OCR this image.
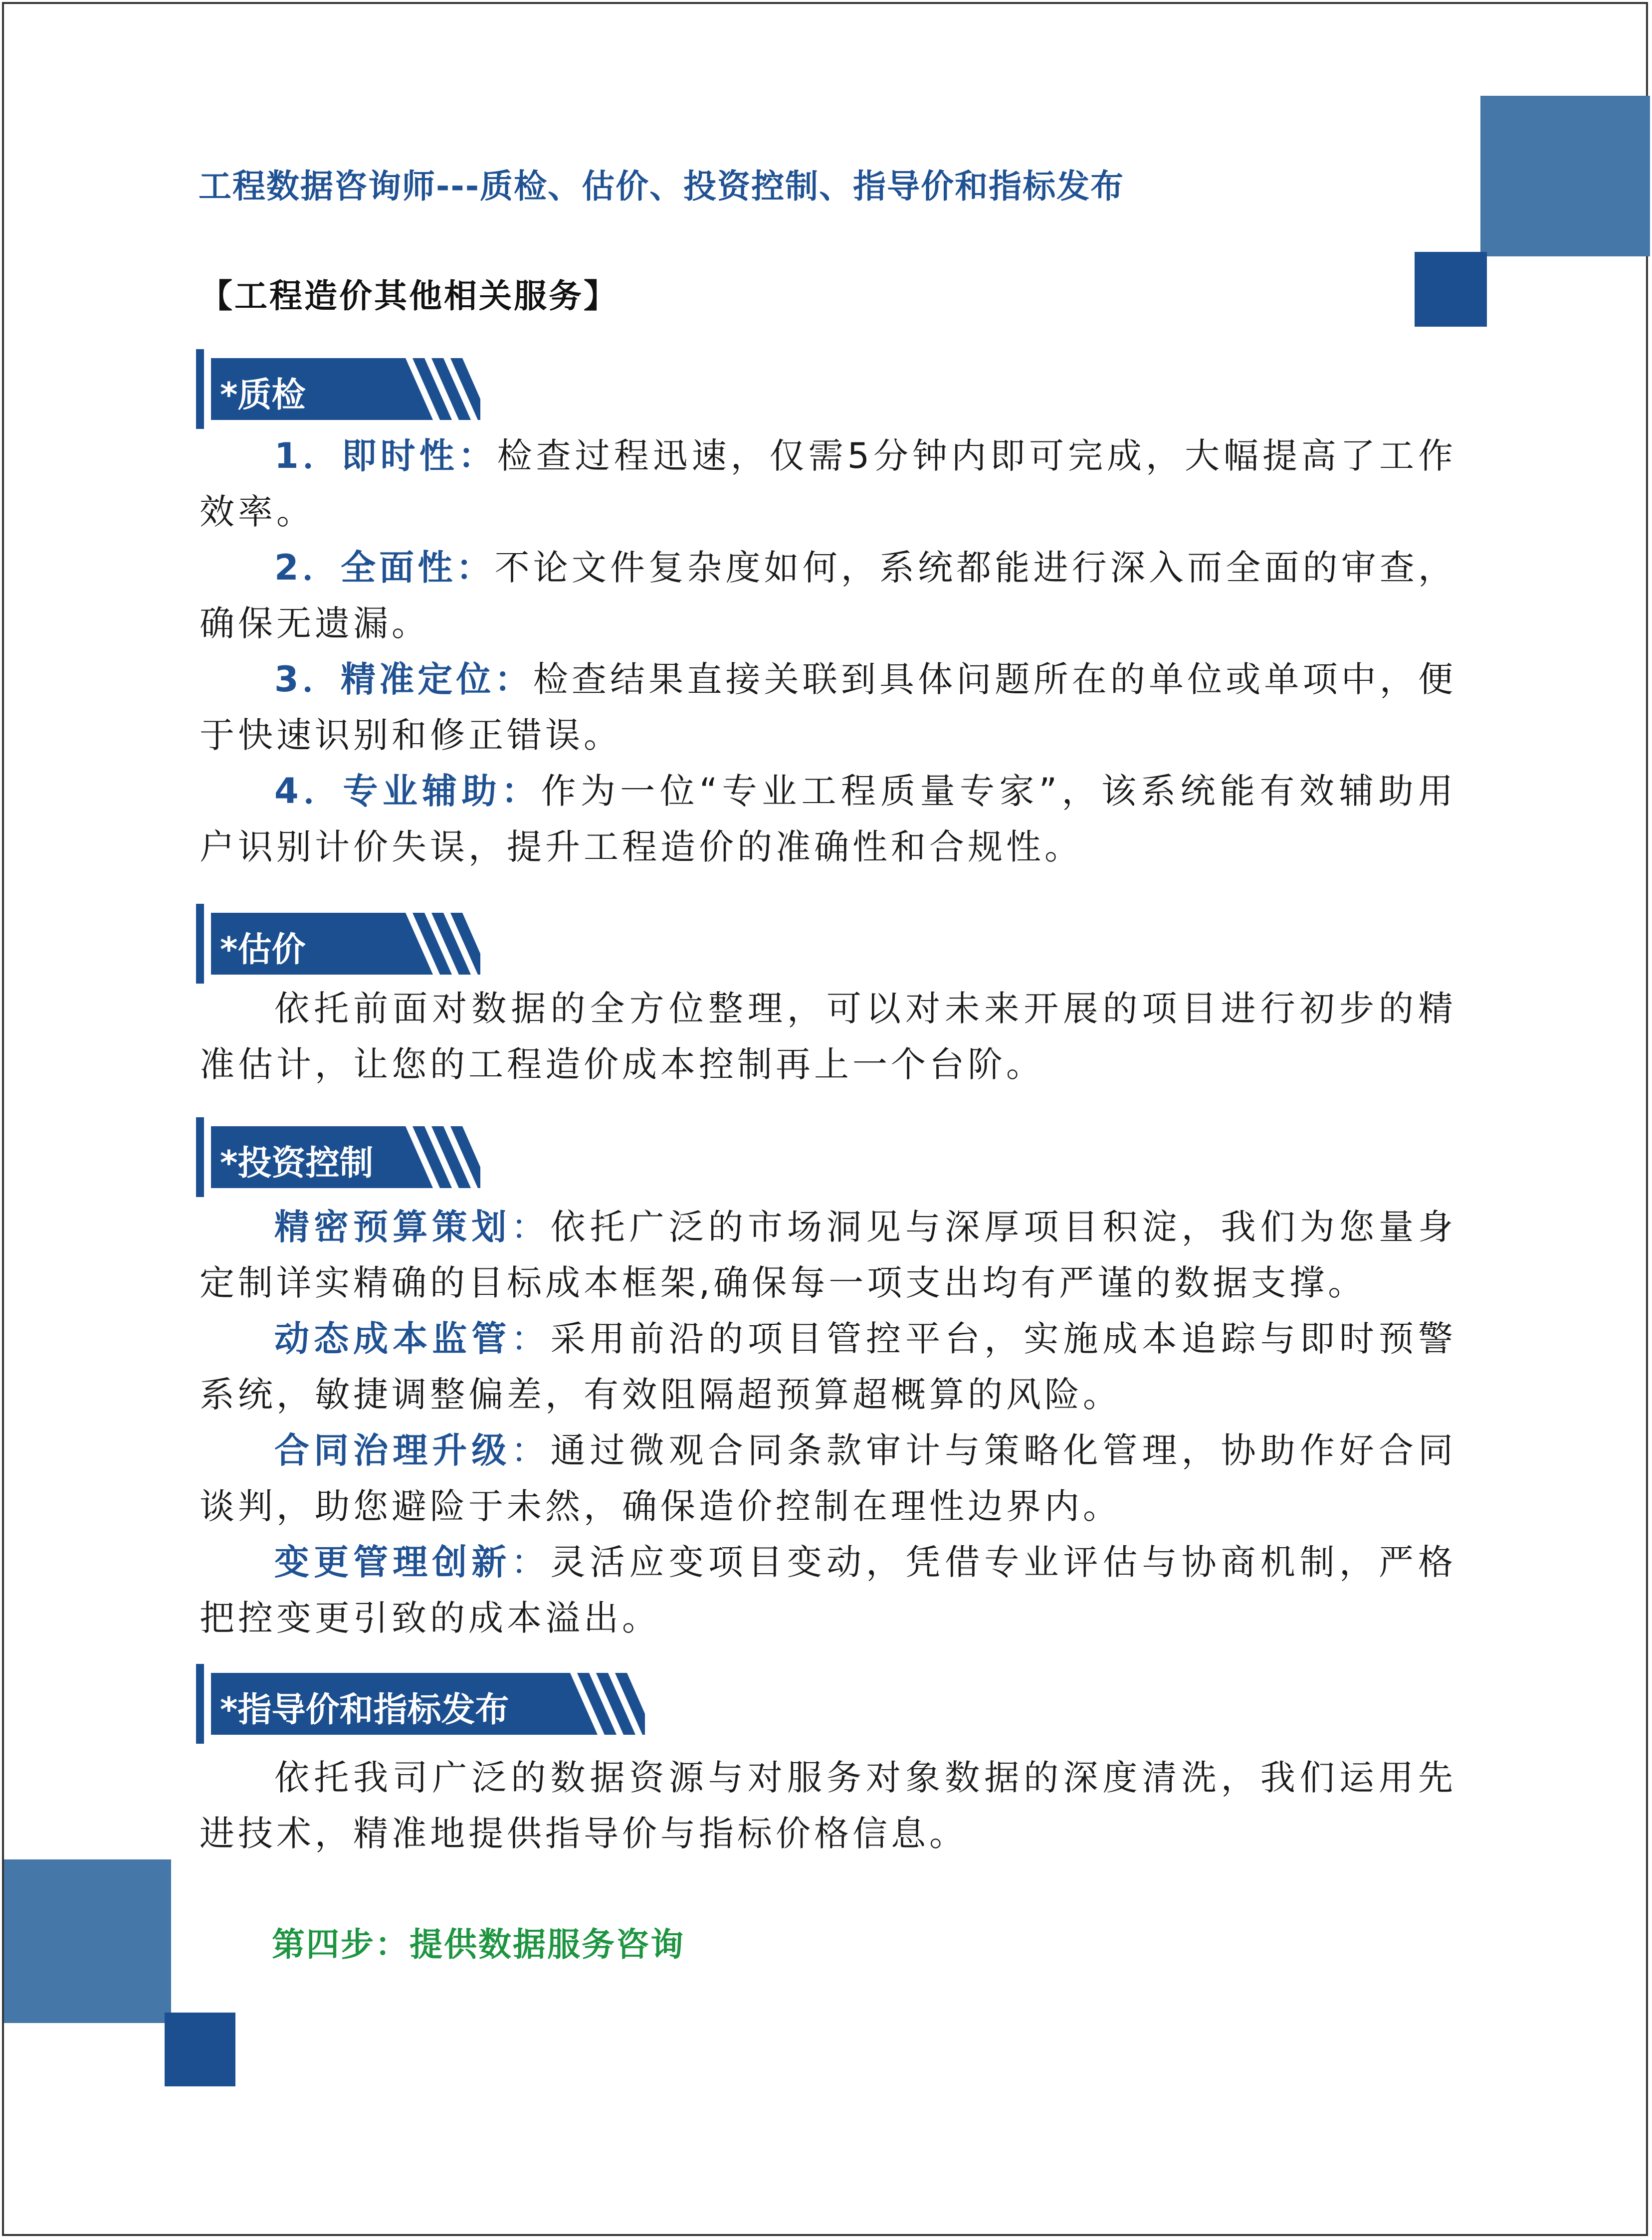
工程数据咨询师---质检、估价、投资控制、指导价和指标发布
【工程造价其他相关服务】
*质检
1．即时性：检查过程迅速，仅需5分钟内即可完成，大幅提高了工作效率。
2．全面性：不论文件复杂度如何，系统都能进行深入而全面的审查，确保无遗漏。
3．精准定位：检查结果直接关联到具体问题所在的单位或单项中，便于快速识别和修正错误。
4．专业辅助：作为一位“专业工程质量专家”，该系统能有效辅助用户识别计价失误，提升工程造价的准确性和合规性。
*估价
依托前面对数据的全方位整理，可以对未来开展的项目进行初步的精准估计，让您的工程造价成本控制再上一个台阶。
*投资控制
精密预算策划：依托广泛的市场洞见与深厚项目积淀，我们为您量身定制详实精确的目标成本框架,确保每一项支出均有严谨的数据支撑。
动态成本监管：采用前沿的项目管控平台，实施成本追踪与即时预警系统，敏捷调整偏差，有效阻隔超预算超概算的风险。
合同治理升级：通过微观合同条款审计与策略化管理，协助作好合同谈判，助您避险于未然，确保造价控制在理性边界内。
变更管理创新：灵活应变项目变动，凭借专业评估与协商机制，严格把控变更引致的成本溢出。
*指导价和指标发布
依托我司广泛的数据资源与对服务对象数据的深度清洗，我们运用先进技术，精准地提供指导价与指标价格信息。
第四步：提供数据服务咨询
